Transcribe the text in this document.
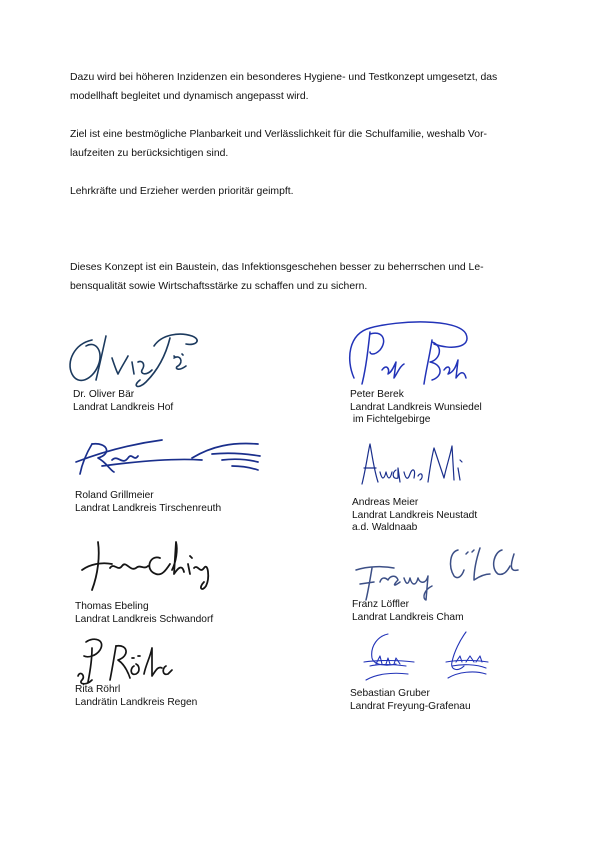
Dazu wird bei höheren Inzidenzen ein besonderes Hygiene- und Testkonzept umgesetzt, das
modellhaft begleitet und dynamisch angepasst wird.

Ziel ist eine bestmögliche Planbarkeit und Verlässlichkeit für die Schulfamilie, weshalb Vor-
laufzeiten zu berücksichtigen sind.

Lehrkräfte und Erzieher werden prioritär geimpft.

Dieses Konzept ist ein Baustein, das Infektionsgeschehen besser zu beherrschen und Le-
bensqualität sowie Wirtschaftsstärke zu schaffen und zu sichern.

Dr. Oliver Bär
Landrat Landkreis Hof
Peter Berek
Landrat Landkreis Wunsiedel
im Fichtelgebirge
Roland Grillmeier
Landrat Landkreis Tirschenreuth	Andreas Meier
Landrat Landkreis Neustadt
a.d. Waldnaab
Thomas Ebeling
Landrat Landkreis Schwandorf
Franz Löffler
Landrat Landkreis Cham
Rita Röhrl
Landrätin Landkreis Regen
Sebastian Gruber
Landrat Freyung-Grafenau
